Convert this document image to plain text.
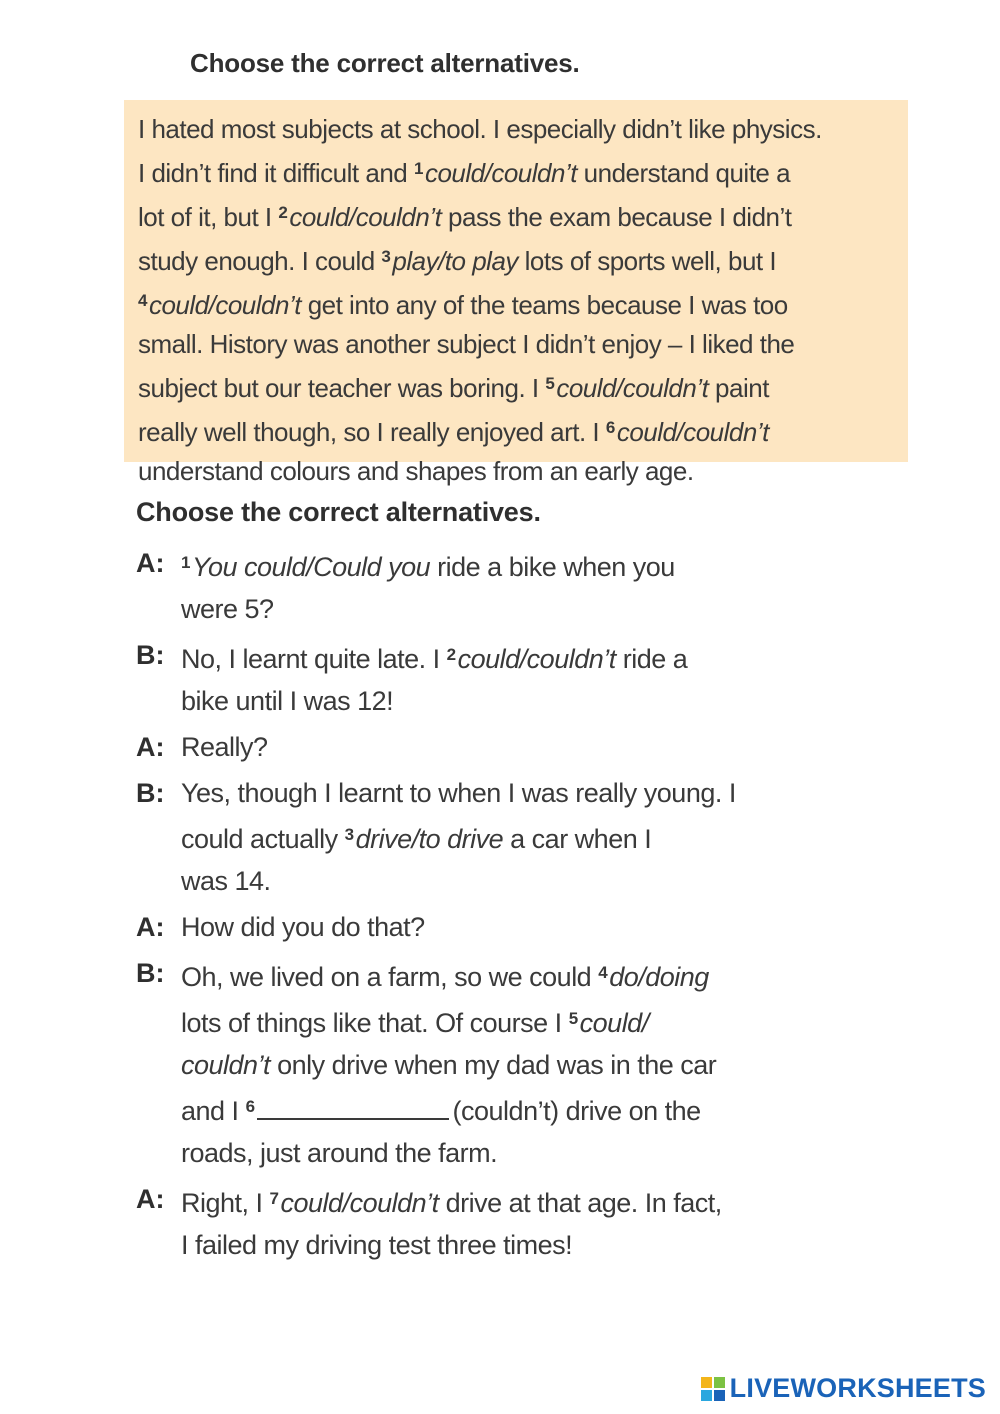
Choose the correct alternatives.
I hated most subjects at school. I especially didn’t like physics.
I didn’t find it difficult and $^1$could/couldn’t understand quite a
lot of it, but I $^2$could/couldn’t pass the exam because I didn’t
study enough. I could $^3$play/to play lots of sports well, but I
$^4$could/couldn’t get into any of the teams because I was too
small. History was another subject I didn’t enjoy – I liked the
subject but our teacher was boring. I $^5$could/couldn’t paint
really well though, so I really enjoyed art. I $^6$could/couldn’t
understand colours and shapes from an early age.
Choose the correct alternatives.
A: $^1$You could/Could you ride a bike when you
were 5?
B: No, I learnt quite late. I $^2$could/couldn’t ride a
bike until I was 12!
A: Really?
B: Yes, though I learnt to when I was really young. I
could actually $^3$drive/to drive a car when I
was 14.
A: How did you do that?
B: Oh, we lived on a farm, so we could $^4$do/doing
lots of things like that. Of course I $^5$could/
couldn’t only drive when my dad was in the car
and I $^6$	(couldn’t) drive on the
roads, just around the farm.
A: Right, I $^7$could/couldn’t drive at that age. In fact,
I failed my driving test three times!
LIVEWORKSHEETS
